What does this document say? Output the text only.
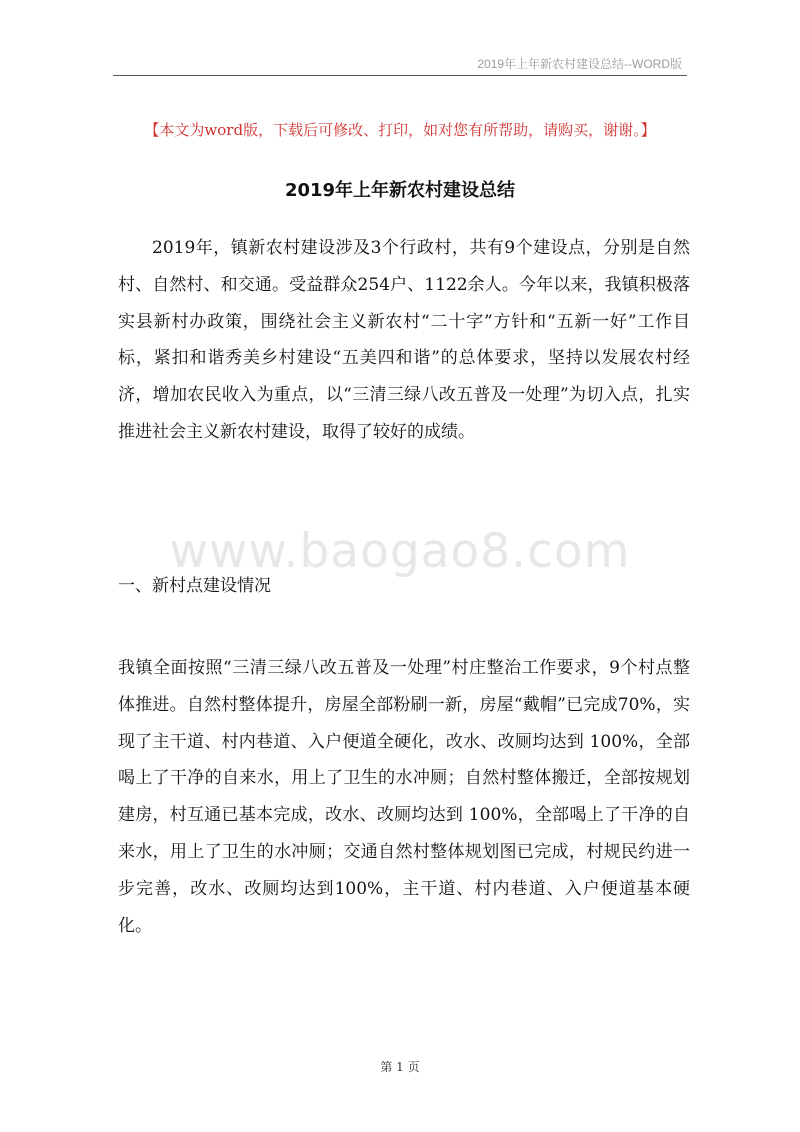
2019年上年新农村建设总结--WORD版
【本文为word版，下载后可修改、打印，如对您有所帮助，请购买，谢谢。】
2019年上年新农村建设总结

2019年，镇新农村建设涉及3个行政村，共有9个建设点，分别是自然村、自然村、和交通。受益群众254户、1122余人。今年以来，我镇积极落实县新村办政策，围绕社会主义新农村“二十字”方针和“五新一好”工作目标，紧扣和谐秀美乡村建设“五美四和谐”的总体要求，坚持以发展农村经济，增加农民收入为重点，以“三清三绿八改五普及一处理”为切入点，扎实推进社会主义新农村建设，取得了较好的成绩。

www.baogao8.com
一、新村点建设情况

我镇全面按照“三清三绿八改五普及一处理”村庄整治工作要求，9个村点整体推进。自然村整体提升，房屋全部粉刷一新，房屋“戴帽”已完成70%，实现了主干道、村内巷道、入户便道全硬化，改水、改厕均达到 100%，全部喝上了干净的自来水，用上了卫生的水冲厕；自然村整体搬迁，全部按规划建房，村互通已基本完成，改水、改厕均达到 100%，全部喝上了干净的自来水，用上了卫生的水冲厕；交通自然村整体规划图已完成，村规民约进一步完善，改水、改厕均达到100%，主干道、村内巷道、入户便道基本硬化。

第 1 页
